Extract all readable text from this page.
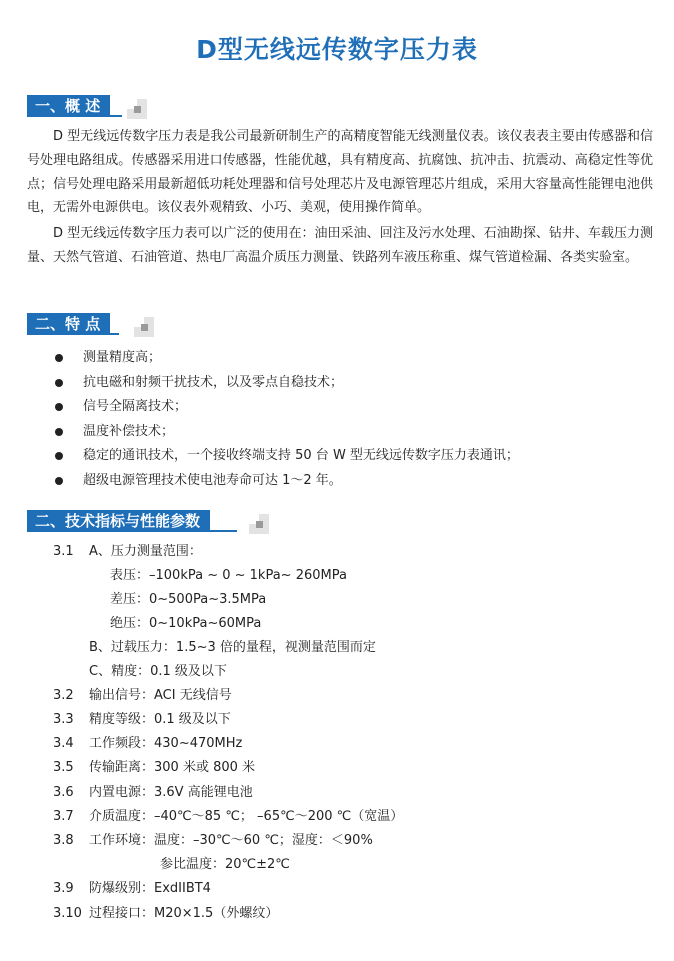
D型无线远传数字压力表
一、概 述
D 型无线远传数字压力表是我公司最新研制生产的高精度智能无线测量仪表。该仪表表主要由传感器和信号处理电路组成。传感器采用进口传感器，性能优越，具有精度高、抗腐蚀、抗冲击、抗震动、高稳定性等优点；信号处理电路采用最新超低功耗处理器和信号处理芯片及电源管理芯片组成，采用大容量高性能锂电池供电，无需外电源供电。该仪表外观精致、小巧、美观，使用操作简单。
D 型无线远传数字压力表可以广泛的使用在：油田采油、回注及污水处理、石油勘探、钻井、车载压力测量、天然气管道、石油管道、热电厂高温介质压力测量、铁路列车液压称重、煤气管道检漏、各类实验室。
二、特 点
测量精度高；
抗电磁和射频干扰技术，以及零点自稳技术；
信号全隔离技术；
温度补偿技术；
稳定的通讯技术，一个接收终端支持 50 台 W 型无线远传数字压力表通讯；
超级电源管理技术使电池寿命可达 1～2 年。
二、技术指标与性能参数
3.1 A、压力测量范围：
表压：–100kPa ~ 0 ~ 1kPa~ 260MPa
差压：0~500Pa~3.5MPa
绝压：0~10kPa~60MPa
B、过载压力：1.5~3 倍的量程，视测量范围而定
C、精度：0.1 级及以下
3.2 输出信号：ACI 无线信号
3.3 精度等级：0.1 级及以下
3.4 工作频段：430~470MHz
3.5 传输距离：300 米或 800 米
3.6 内置电源：3.6V 高能锂电池
3.7 介质温度：–40℃～85 ℃； –65℃～200 ℃（宽温）
3.8 工作环境：温度：–30℃～60 ℃；湿度：＜90%
参比温度：20℃±2℃
3.9 防爆级别：ExdIIBT4
3.10 过程接口：M20×1.5（外螺纹）
